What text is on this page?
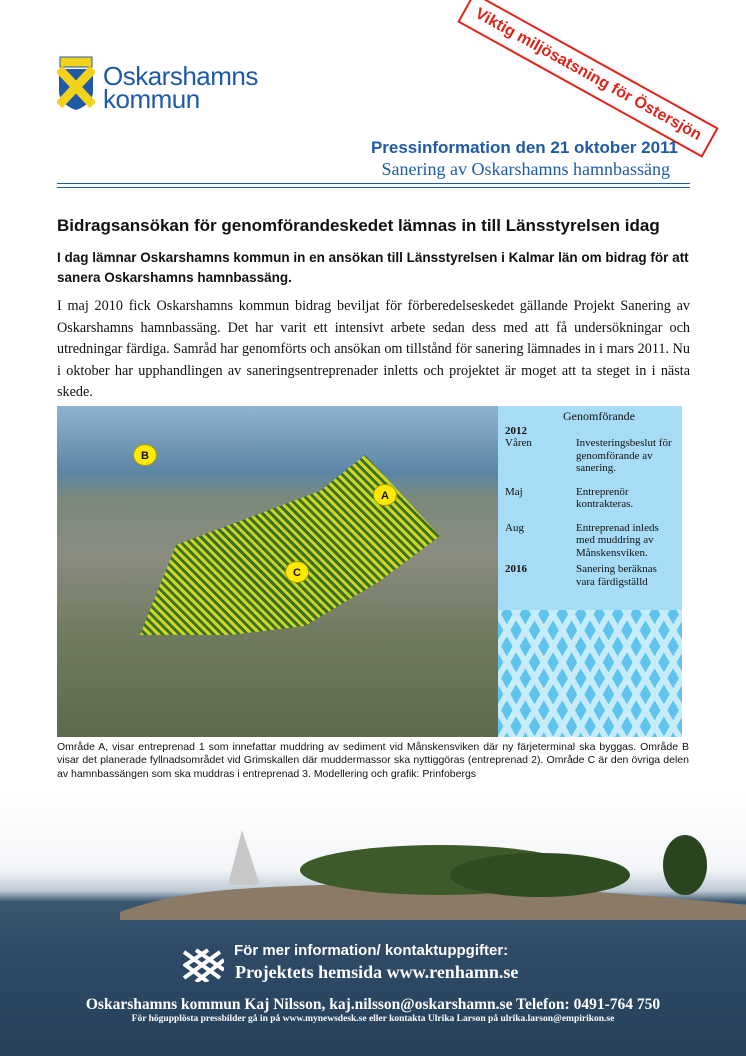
Oskarshamns
kommun	Viktig miljösatsning för Östersjön
Pressinformation den 21 oktober 2011
Sanering av Oskarshamns hamnbassäng
Bidragsansökan för genomförandeskedet lämnas in till Länsstyrelsen idag
I dag lämnar Oskarshamns kommun in en ansökan till Länsstyrelsen i Kalmar län om bidrag för att sanera Oskarshamns hamnbassäng.
I maj 2010 fick Oskarshamns kommun bidrag beviljat för förberedelseskedet gällande Projekt Sanering av Oskarshamns hamnbassäng. Det har varit ett intensivt arbete sedan dess med att få undersökningar och utredningar färdiga. Samråd har genomförts och ansökan om tillstånd för sanering lämnades in i mars 2011. Nu i oktober har upphandlingen av saneringsentreprenader inletts och projektet är moget att ta steget in i nästa skede.
A
B
C
Genomförande
2012
Våren	Investeringsbeslut för genomförande av sanering.
Maj	Entreprenör kontrakteras.
Aug	Entreprenad inleds med muddring av Månskensviken.
2016	Sanering beräknas vara färdigställd
Område A, visar entreprenad 1 som innefattar muddring av sediment vid Månskensviken där ny färjeterminal ska byggas. Område B visar det planerade fyllnadsområdet vid Grimskallen där muddermassor ska nyttiggöras (entreprenad 2). Område C är den övriga delen av hamnbassängen som ska muddras i entreprenad 3. Modellering och grafik: Prinfobergs
För mer information/ kontaktuppgifter:
Projektets hemsida www.renhamn.se
Oskarshamns kommun Kaj Nilsson, kaj.nilsson@oskarshamn.se Telefon: 0491-764 750
För högupplösta pressbilder gå in på www.mynewsdesk.se eller kontakta Ulrika Larson på ulrika.larson@empirikon.se
